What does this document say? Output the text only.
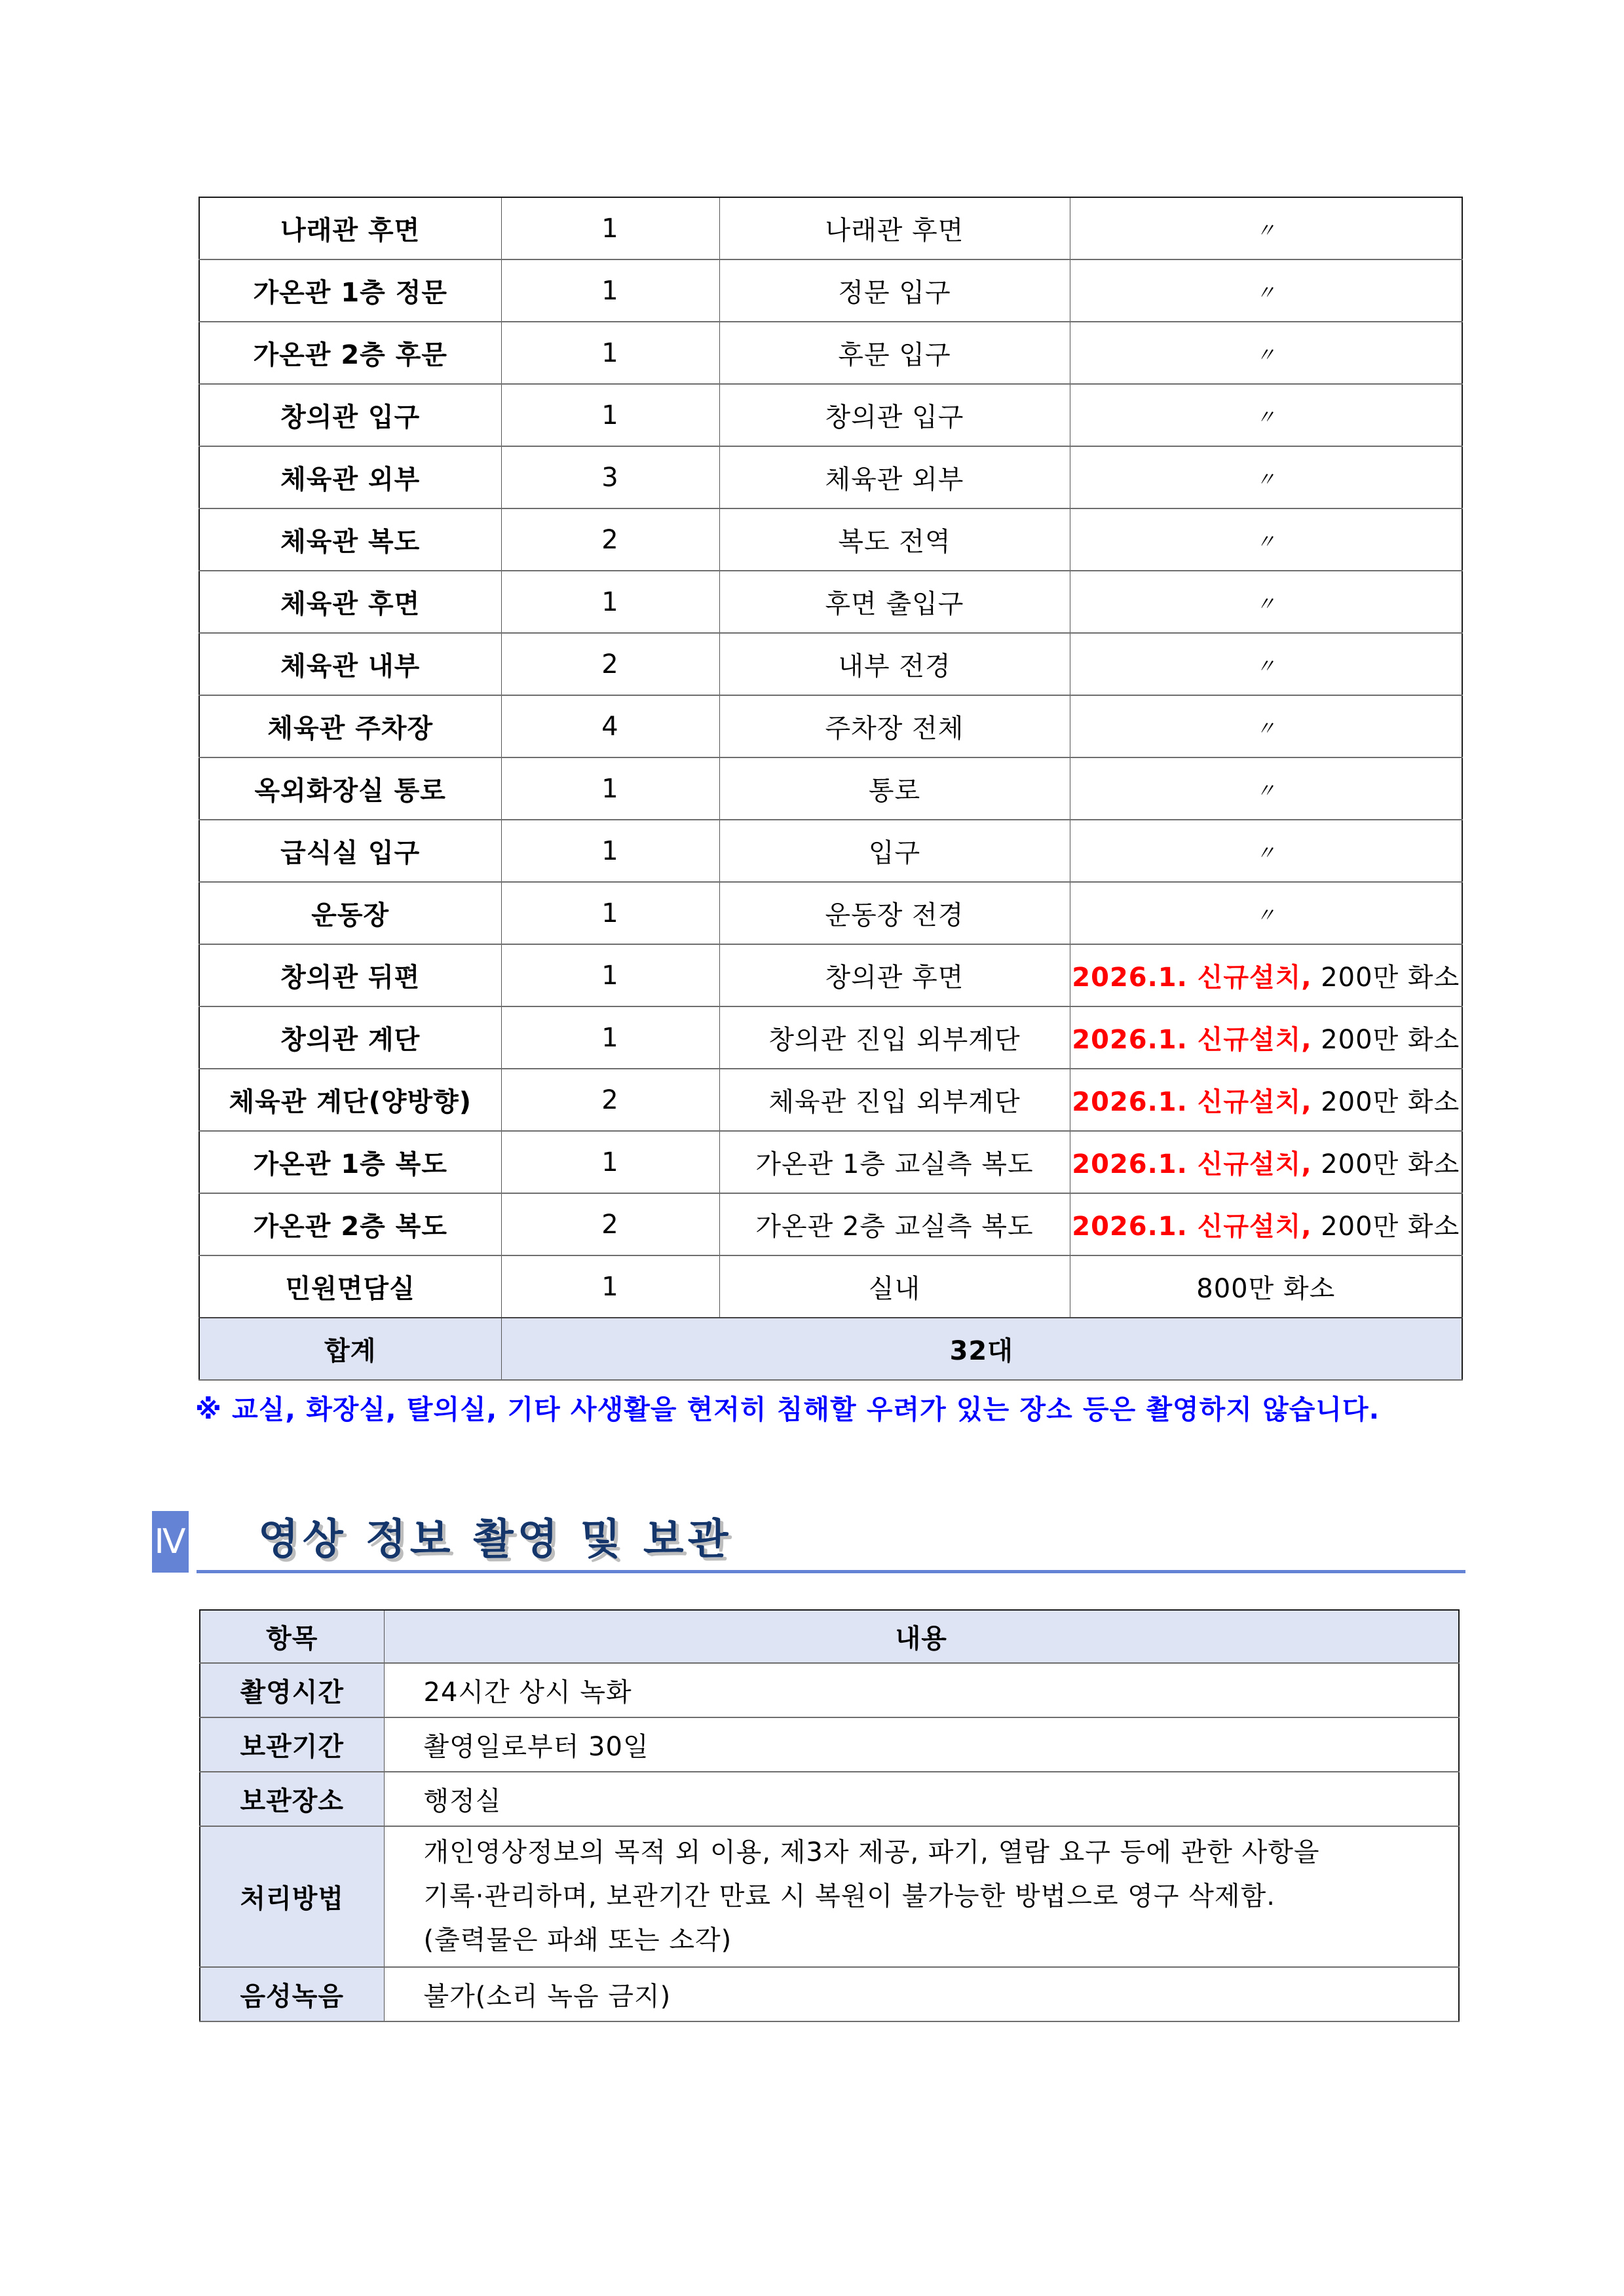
나래관 후면	1	나래관 후면	〃
가온관 1층 정문	1	정문 입구	〃
가온관 2층 후문	1	후문 입구	〃
창의관 입구	1	창의관 입구	〃
체육관 외부	3	체육관 외부	〃
체육관 복도	2	복도 전역	〃
체육관 후면	1	후면 출입구	〃
체육관 내부	2	내부 전경	〃
체육관 주차장	4	주차장 전체	〃
옥외화장실 통로	1	통로	〃
급식실 입구	1	입구	〃
운동장	1	운동장 전경	〃
창의관 뒤편	1	창의관 후면	2026.1. 신규설치, 200만 화소
창의관 계단	1	창의관 진입 외부계단	2026.1. 신규설치, 200만 화소
체육관 계단(양방향)	2	체육관 진입 외부계단	2026.1. 신규설치, 200만 화소
가온관 1층 복도	1	가온관 1층 교실측 복도	2026.1. 신규설치, 200만 화소
가온관 2층 복도	2	가온관 2층 교실측 복도	2026.1. 신규설치, 200만 화소
민원면담실	1	실내	800만 화소
합계	32대		
※ 교실, 화장실, 탈의실, 기타 사생활을 현저히 침해할 우려가 있는 장소 등은 촬영하지 않습니다.
Ⅳ 영상 정보 촬영 및 보관
항목	내용
촬영시간	24시간 상시 녹화
보관기간	촬영일로부터 30일
보관장소	행정실
처리방법	개인영상정보의 목적 외 이용, 제3자 제공, 파기, 열람 요구 등에 관한 사항을
기록·관리하며, 보관기간 만료 시 복원이 불가능한 방법으로 영구 삭제함.
(출력물은 파쇄 또는 소각)

음성녹음	불가(소리 녹음 금지)
